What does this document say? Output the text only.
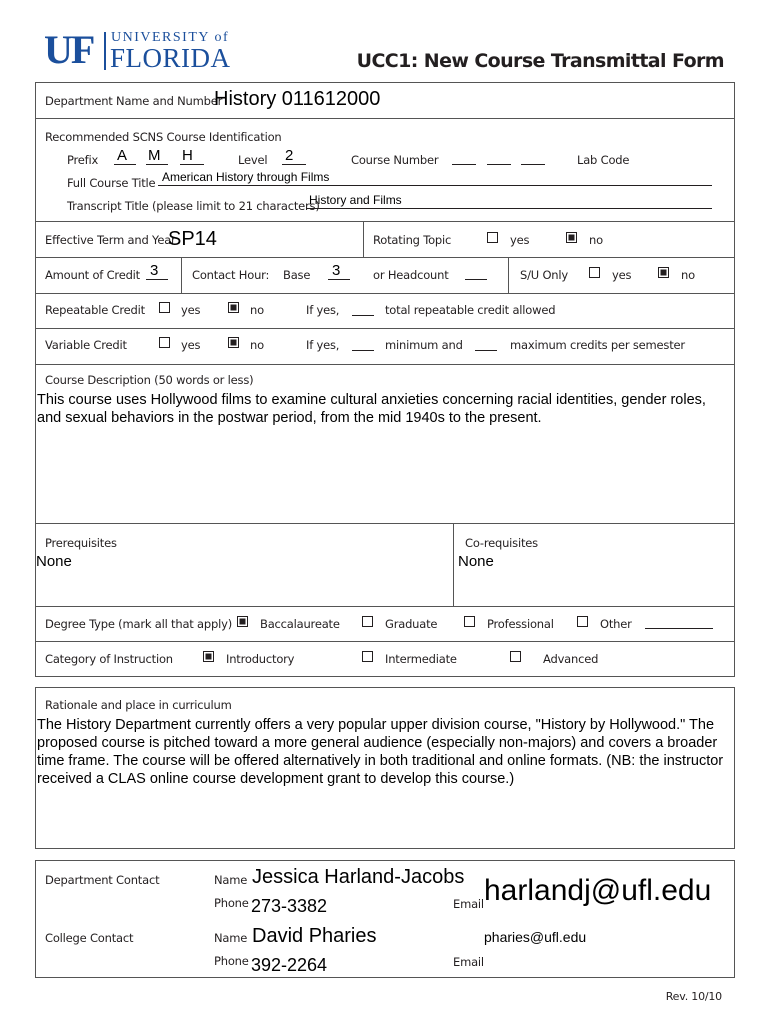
UF UNIVERSITY of
FLORIDA	UCC1: New Course Transmittal Form
Department Name and Number
History 011612000
Recommended SCNS Course Identification
Prefix A M H	Level 2	Course Number	Lab Code
Full Course Title American History through Films
Transcript Title (please limit to 21 characters)
History and Films
Effective Term and Year
SP14	Rotating Topic	yes	no
Amount of Credit 3	Contact Hour: Base 3	or Headcount	S/U Only	yes	no
Repeatable Credit	yes	no	If yes,	total repeatable credit allowed
Variable Credit	yes	no	If yes,	minimum and	maximum credits per semester
Course Description (50 words or less)
This course uses Hollywood films to examine cultural anxieties concerning racial identities, gender roles, and sexual behaviors in the postwar period, from the mid 1940s to the present.
Prerequisites
None
Co-requisites
None
Degree Type (mark all that apply) Baccalaureate	Graduate	Professional	Other
Category of Instruction	Introductory	Intermediate	Advanced
Rationale and place in curriculum
The History Department currently offers a very popular upper division course, "History by Hollywood." The proposed course is pitched toward a more general audience (especially non-majors) and covers a broader time frame. The course will be offered alternatively in both traditional and online formats. (NB: the instructor received a CLAS online course development grant to develop this course.)
Department Contact	Name Jessica Harland-Jacobs
Phone 273-3382	Email harlandj@ufl.edu
College Contact	Name David Pharies
Phone 392-2264	Email
pharies@ufl.edu
Rev. 10/10
